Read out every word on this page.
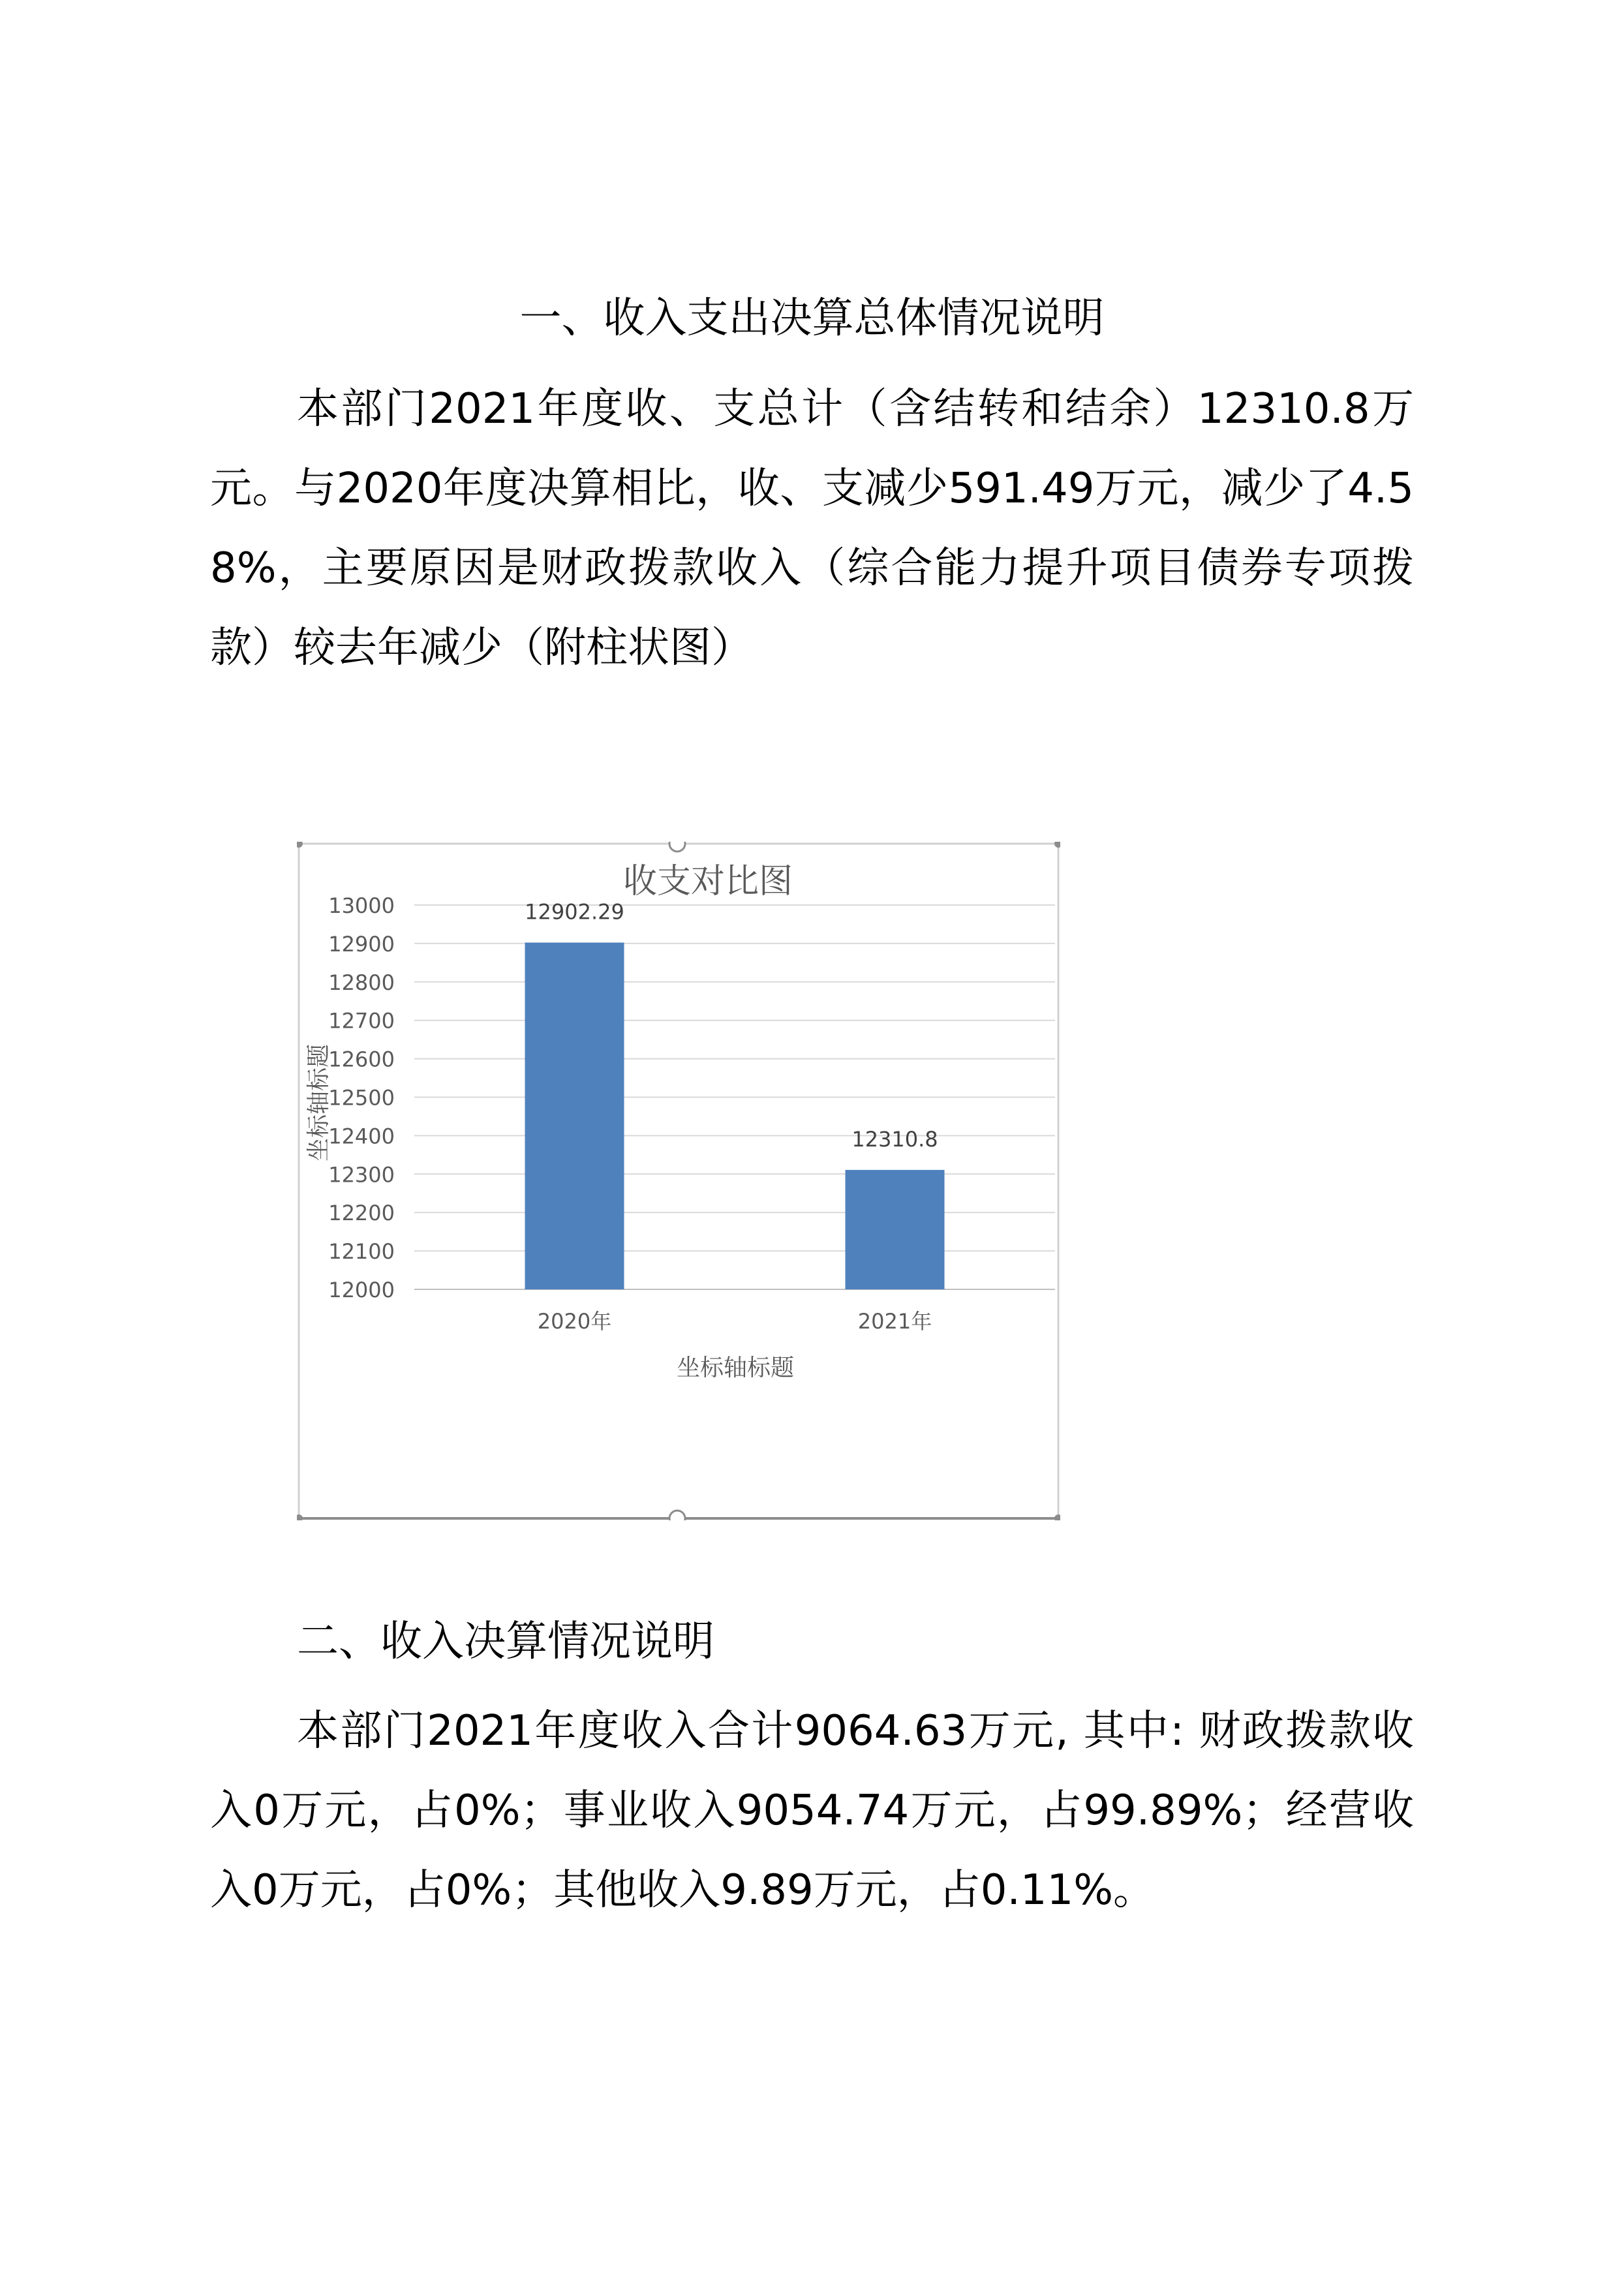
一、收入支出决算总体情况说明

本部门2021年度收、支总计（含结转和结余）12310.8万元。与2020年度决算相比，收、支减少591.49万元，减少了4.58%，主要原因是财政拨款收入（综合能力提升项目债券专项拨款）较去年减少（附柱状图）

收支对比图
12000
12100
12200
12300
12400
12500
12600
12700
12800
12900
13000	12902.29
12310.8
2020年	2021年
坐标轴标题
坐标轴标题
二、收入决算情况说明

本部门2021年度收入合计9064.63万元, 其中: 财政拨款收入0万元，占0%；事业收入9054.74万元，占99.89%；经营收入0万元，占0%；其他收入9.89万元，占0.11%。
